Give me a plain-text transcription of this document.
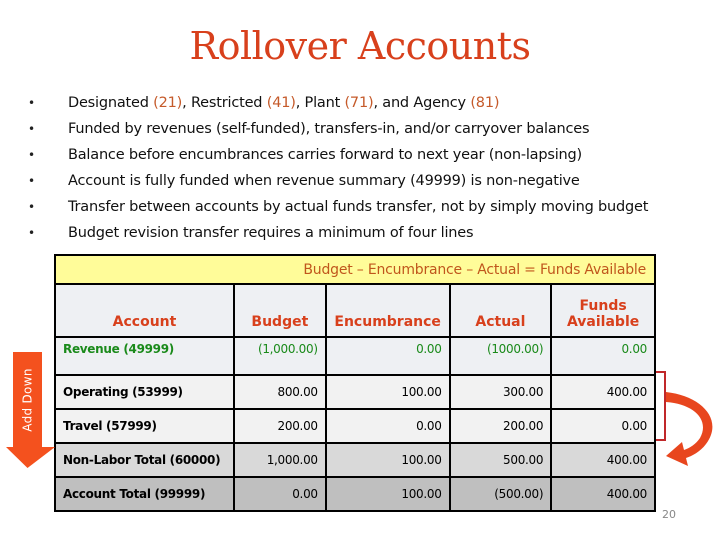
Rollover Accounts
• Designated (21), Restricted (41), Plant (71), and Agency (81)
• Funded by revenues (self-funded), transfers-in, and/or carryover balances
• Balance before encumbrances carries forward to next year (non-lapsing)
• Account is fully funded when revenue summary (49999) is non-negative
• Transfer between accounts by actual funds transfer, not by simply moving budget
• Budget revision transfer requires a minimum of four lines
Budget – Encumbrance – Actual = Funds Available				
Account	Budget	Encumbrance	Actual	Funds
Available
Revenue (49999)	(1,000.00)	0.00	(1000.00)	0.00
Operating (53999)	800.00	100.00	300.00	400.00
Travel (57999)	200.00	0.00	200.00	0.00
Non-Labor Total (60000)	1,000.00	100.00	500.00	400.00
Account Total (99999)	0.00	100.00	(500.00)	400.00
Add Down
20
